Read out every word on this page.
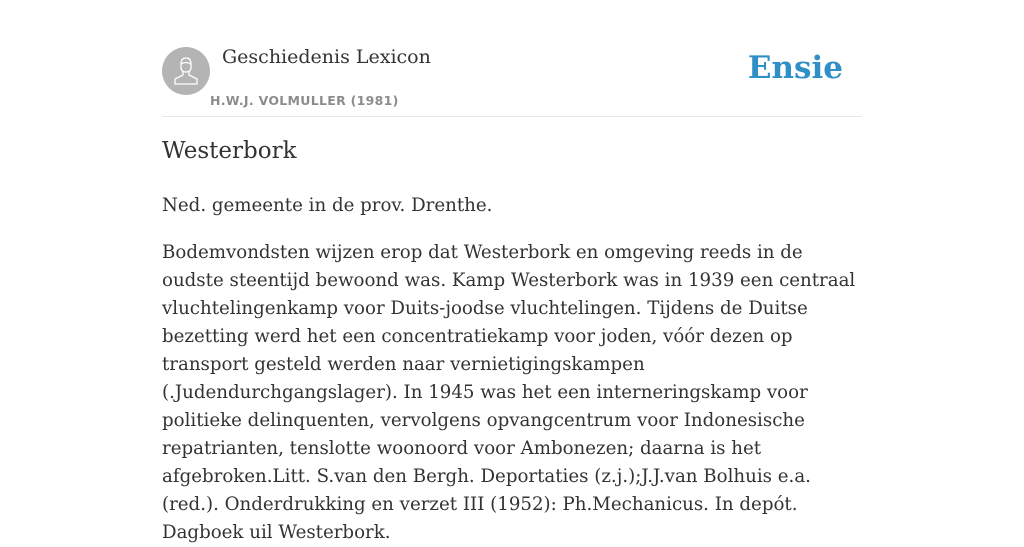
Geschiedenis Lexicon
H.W.J. VOLMULLER (1981)
Ensie
Westerbork

Ned. gemeente in de prov. Drenthe.

Bodemvondsten wijzen erop dat Westerbork en omgeving reeds in de oudste steentijd bewoond was. Kamp Westerbork was in 1939 een centraal vluchtelingenkamp voor Duits-joodse vluchtelingen. Tijdens de Duitse bezetting werd het een concentratiekamp voor joden, vóór dezen op transport gesteld werden naar vernietigingskampen (.Judendurchgangslager). In 1945 was het een interneringskamp voor politieke delinquenten, vervolgens opvangcentrum voor Indonesische repatrianten, tenslotte woonoord voor Ambonezen; daarna is het afgebroken.Litt. S.van den Bergh. Deportaties (z.j.);J.J.van Bolhuis e.a. (red.). Onderdrukking en verzet III (1952): Ph.Mechanicus. In depót. Dagboek uil Westerbork.
